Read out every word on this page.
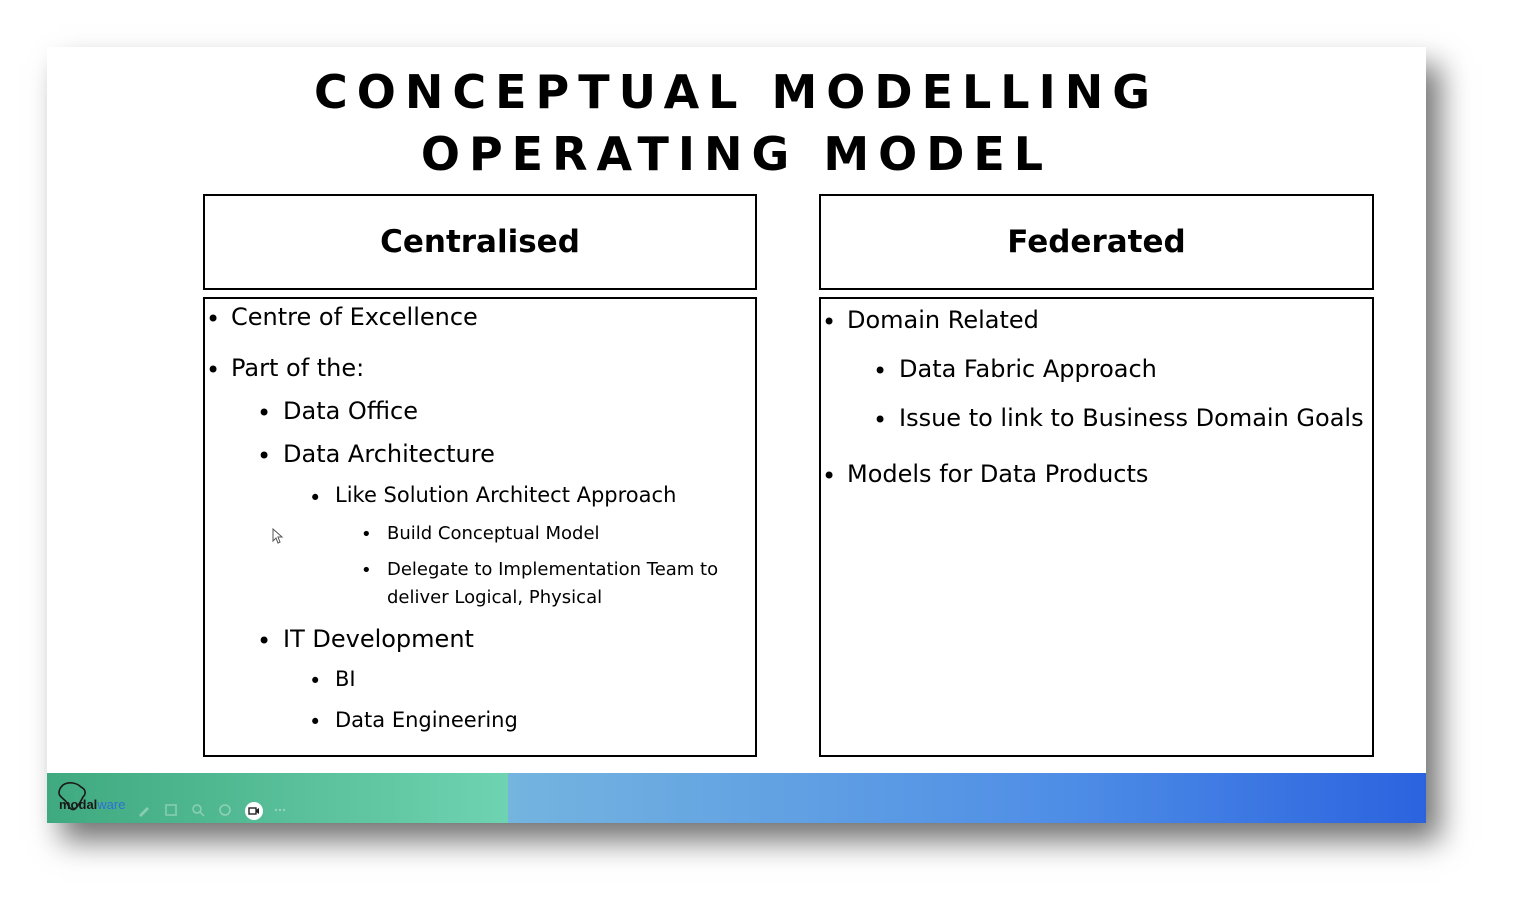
CONCEPTUAL MODELLING
OPERATING MODEL
Centralised
• Centre of Excellence
• Part of the:
• Data Office
• Data Architecture
• Like Solution Architect Approach
• Build Conceptual Model
• Delegate to Implementation Team to
deliver Logical, Physical
• IT Development
• BI
• Data Engineering
Federated
• Domain Related
• Data Fabric Approach
• Issue to link to Business Domain Goals
• Models for Data Products
modalware
